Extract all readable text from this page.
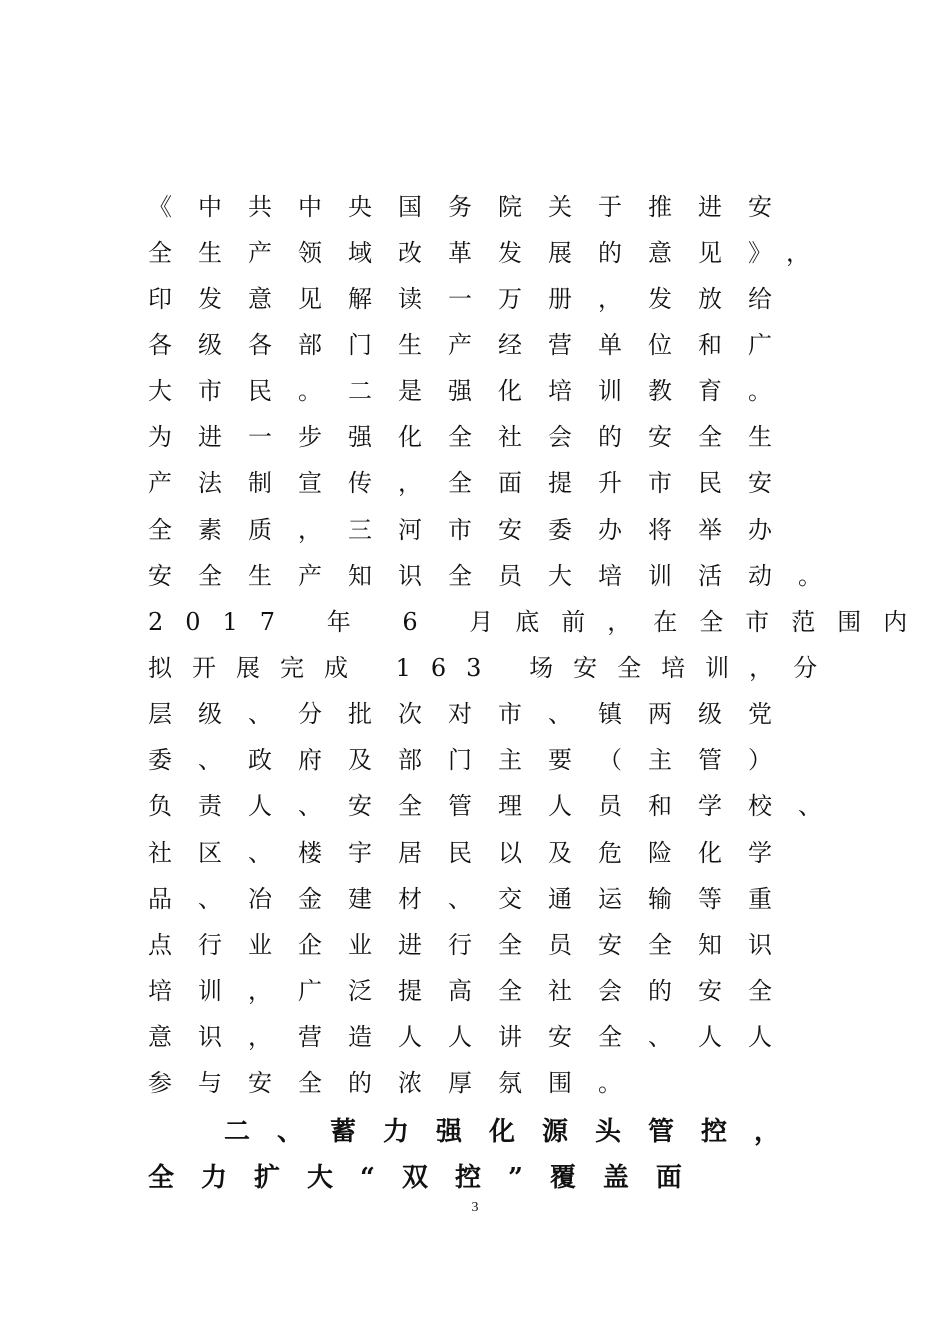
《中共中央国务院关于推进安
全生产领域改革发展的意见》，
印发意见解读一万册，发放给
各级各部门生产经营单位和广
大市民。二是强化培训教育。
为进一步强化全社会的安全生
产法制宣传，全面提升市民安
全素质，三河市安委办将举办
安全生产知识全员大培训活动。
2017 年 6 月底前，在全市范围内
拟开展完成 163 场安全培训，分
层级、分批次对市、镇两级党
委、政府及部门主要（主管）
负责人、安全管理人员和学校、
社区、楼宇居民以及危险化学
品、冶金建材、交通运输等重
点行业企业进行全员安全知识
培训，广泛提高全社会的安全
意识，营造人人讲安全、人人
参与安全的浓厚氛围。
二、蓄力强化源头管控，
全力扩大“双控”覆盖面
3
